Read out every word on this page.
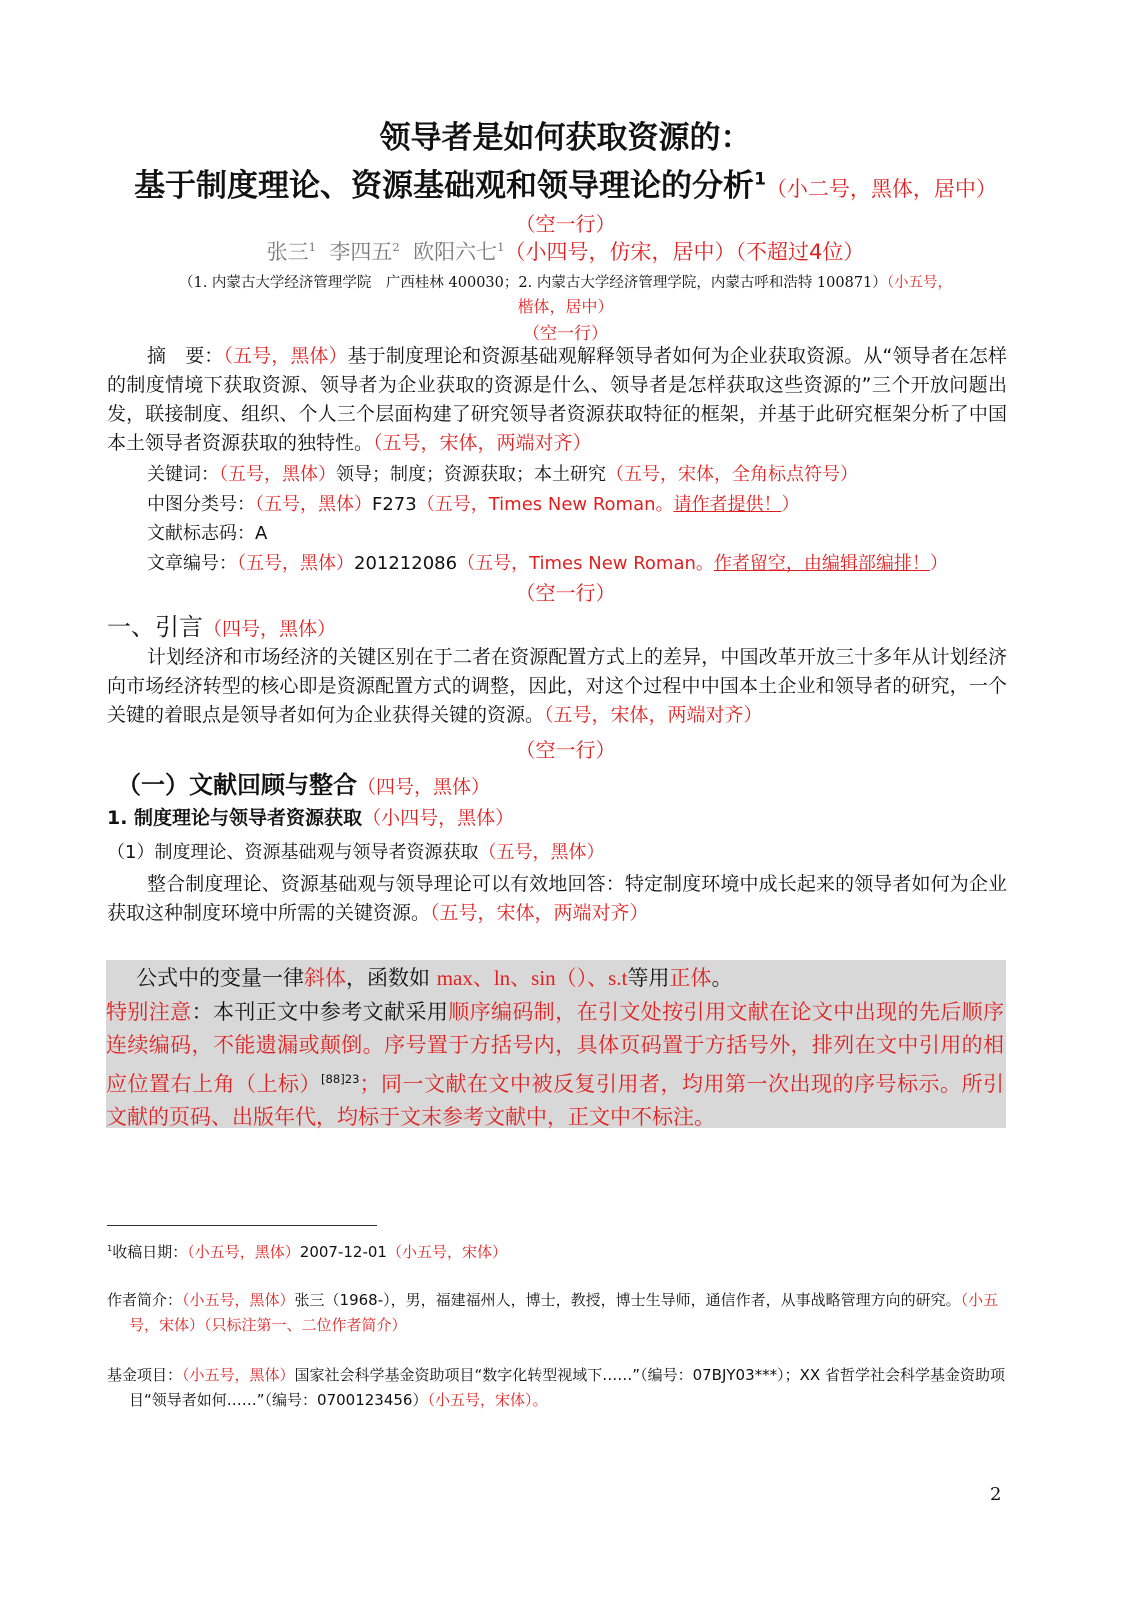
领导者是如何获取资源的：
基于制度理论、资源基础观和领导理论的分析$^1$（小二号，黑体，居中）
（空一行）
张三$^1$ 李四五$^2$ 欧阳六七$^1$（小四号，仿宋，居中）（不超过4位）
（1. 内蒙古大学经济管理学院　广西桂林 400030；2. 内蒙古大学经济管理学院，内蒙古呼和浩特 100871）（小五号，
楷体，居中）
（空一行）
摘　要：（五号，黑体）基于制度理论和资源基础观解释领导者如何为企业获取资源。从“领导者在怎样的制度情境下获取资源、领导者为企业获取的资源是什么、领导者是怎样获取这些资源的”三个开放问题出发，联接制度、组织、个人三个层面构建了研究领导者资源获取特征的框架，并基于此研究框架分析了中国本土领导者资源获取的独特性。（五号，宋体，两端对齐）
关键词：（五号，黑体）领导；制度；资源获取；本土研究（五号，宋体，全角标点符号）
中图分类号：（五号，黑体）F273（五号，Times New Roman。请作者提供！）
文献标志码：A
文章编号：（五号，黑体）201212086（五号，Times New Roman。作者留空，由编辑部编排！）
（空一行）
一、引言（四号，黑体）
计划经济和市场经济的关键区别在于二者在资源配置方式上的差异，中国改革开放三十多年从计划经济向市场经济转型的核心即是资源配置方式的调整，因此，对这个过程中中国本土企业和领导者的研究，一个关键的着眼点是领导者如何为企业获得关键的资源。（五号，宋体，两端对齐）
（空一行）
（一）文献回顾与整合（四号，黑体）
1. 制度理论与领导者资源获取（小四号，黑体）
（1）制度理论、资源基础观与领导者资源获取（五号，黑体）
整合制度理论、资源基础观与领导理论可以有效地回答：特定制度环境中成长起来的领导者如何为企业获取这种制度环境中所需的关键资源。（五号，宋体，两端对齐）
公式中的变量一律斜体，函数如 max、ln、sin（）、s.t等用正体。
特别注意：本刊正文中参考文献采用顺序编码制，在引文处按引用文献在论文中出现的先后顺序连续编码，不能遗漏或颠倒。序号置于方括号内，具体页码置于方括号外，排列在文中引用的相应位置右上角（上标）$^{[88]23}$；同一文献在文中被反复引用者，均用第一次出现的序号标示。所引文献的页码、出版年代，均标于文末参考文献中，正文中不标注。
$^1$收稿日期：（小五号，黑体）2007-12-01（小五号，宋体）
作者简介：（小五号，黑体）张三（1968-），男，福建福州人，博士，教授，博士生导师，通信作者，从事战略管理方向的研究。（小五号，宋体）（只标注第一、二位作者简介）
基金项目：（小五号，黑体）国家社会科学基金资助项目“数字化转型视域下……”（编号：07BJY03***）；XX 省哲学社会科学基金资助项目“领导者如何……”（编号：0700123456）（小五号，宋体）。
2
